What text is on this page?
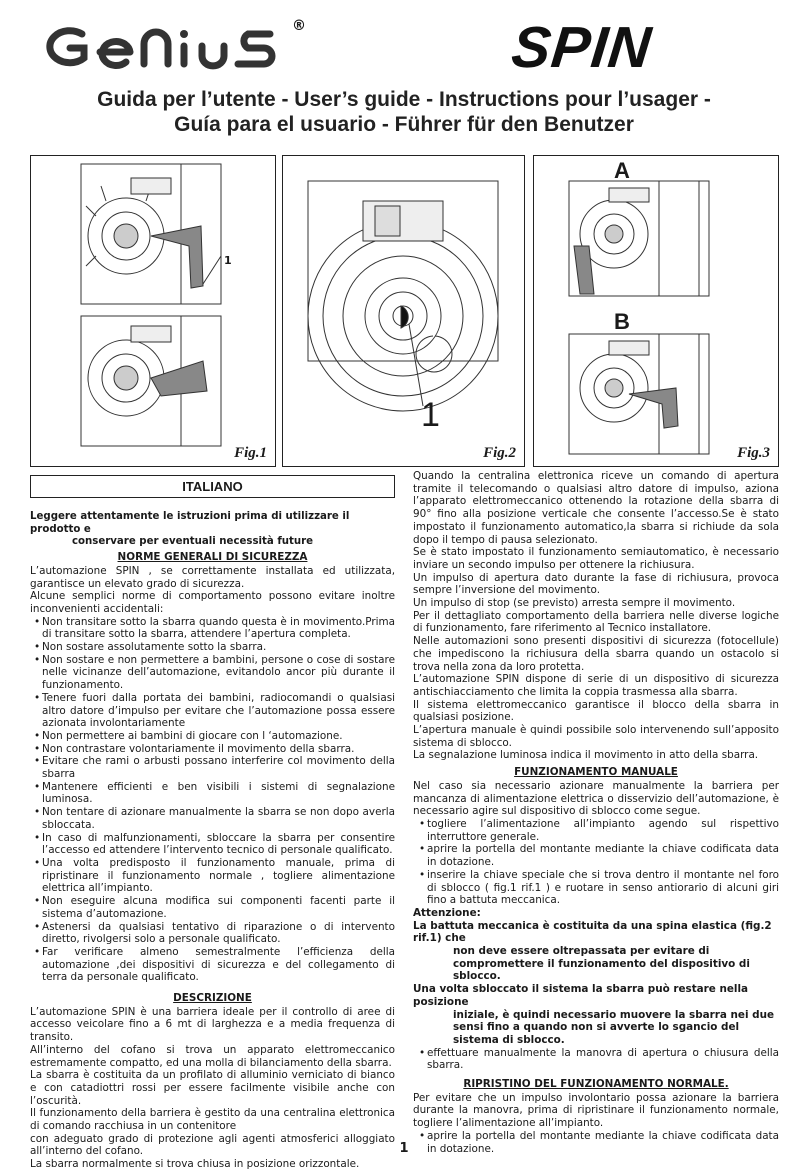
®	SPIN
Guida per l’utente - User’s guide - Instructions pour l’usager -
Guía para el usuario - Führer für den Benutzer
1
Fig.1
1
Fig.2
A
B
Fig.3
ITALIANO
Leggere attentamente le istruzioni prima di utilizzare il prodotto e
conservare per eventuali necessità future
NORME GENERALI DI SICUREZZA
L’automazione SPIN , se correttamente installata ed utilizzata, garantisce un elevato grado di sicurezza.
Alcune semplici norme di comportamento possono evitare inoltre inconvenienti accidentali:
• Non transitare sotto la sbarra quando questa è in movimento.Prima di transitare sotto la sbarra, attendere l’apertura completa.
• Non sostare assolutamente sotto la sbarra.
• Non sostare e non permettere a bambini, persone o cose di sostare nelle vicinanze dell’automazione, evitandolo ancor più durante il funzionamento.
• Tenere fuori dalla portata dei bambini, radiocomandi o qualsiasi altro datore d’impulso per evitare che l’automazione possa essere azionata involontariamente
• Non permettere ai bambini di giocare con l ‘automazione.
• Non contrastare volontariamente il movimento della sbarra.
• Evitare che rami o arbusti possano interferire col movimento della sbarra
• Mantenere efficienti e ben visibili i sistemi di segnalazione luminosa.
• Non tentare di azionare manualmente la sbarra se non dopo averla sbloccata.
• In caso di malfunzionamenti, sbloccare la sbarra per consentire l’accesso ed attendere l’intervento tecnico di personale qualificato.
• Una volta predisposto il funzionamento manuale, prima di ripristinare il funzionamento normale , togliere alimentazione elettrica all’impianto.
• Non eseguire alcuna modifica sui componenti facenti parte il sistema d’automazione.
• Astenersi da qualsiasi tentativo di riparazione o di intervento diretto, rivolgersi solo a personale qualificato.
• Far verificare almeno semestralmente l’efficienza della automazione ,dei dispositivi di sicurezza e del collegamento di terra da personale qualificato.
DESCRIZIONE
L’automazione SPIN è una barriera ideale per il controllo di aree di accesso veicolare fino a 6 mt di larghezza e a media frequenza di transito.
All’interno del cofano si trova un apparato elettromeccanico estremamente compatto, ed una molla di bilanciamento della sbarra.
La sbarra è costituita da un profilato di alluminio verniciato di bianco e con catadiottri rossi per essere facilmente visibile anche con l’oscurità.
Il funzionamento della barriera è gestito da una centralina elettronica di comando racchiusa in un contenitore
con adeguato grado di protezione agli agenti atmosferici alloggiato all’interno del cofano.
La sbarra normalmente si trova chiusa in posizione orizzontale.
Quando la centralina elettronica riceve un comando di apertura tramite il telecomando o qualsiasi altro datore di impulso, aziona l’apparato elettromeccanico ottenendo la rotazione della sbarra di 90° fino alla posizione verticale che consente l’accesso.Se è stato impostato il funzionamento automatico,la sbarra si richiude da sola dopo il tempo di pausa selezionato.
Se è stato impostato il funzionamento semiautomatico, è necessario inviare un secondo impulso per ottenere la richiusura.
Un impulso di apertura dato durante la fase di richiusura, provoca sempre l’inversione del movimento.
Un impulso di stop (se previsto) arresta sempre il movimento.
Per il dettagliato comportamento della barriera nelle diverse logiche di funzionamento, fare riferimento al Tecnico installatore.
Nelle automazioni sono presenti dispositivi di sicurezza (fotocellule) che impediscono la richiusura della sbarra quando un ostacolo si trova nella zona da loro protetta.
L’automazione SPIN dispone di serie di un dispositivo di sicurezza antischiacciamento che limita la coppia trasmessa alla sbarra.
Il sistema elettromeccanico garantisce il blocco della sbarra in qualsiasi posizione.
L’apertura manuale è quindi possibile solo intervenendo sull’apposito sistema di sblocco.
La segnalazione luminosa indica il movimento in atto della sbarra.
FUNZIONAMENTO MANUALE
Nel caso sia necessario azionare manualmente la barriera per mancanza di alimentazione elettrica o disservizio dell’automazione, è necessario agire sul dispositivo di sblocco come segue.
• togliere l’alimentazione all’impianto agendo sul rispettivo interruttore generale.
• aprire la portella del montante mediante la chiave codificata data in dotazione.
• inserire la chiave speciale che si trova dentro il montante nel foro di sblocco ( fig.1 rif.1 ) e ruotare in senso antiorario di alcuni giri fino a battuta meccanica.
Attenzione:
La battuta meccanica è costituita da una spina elastica (fig.2 rif.1) che
non deve essere oltrepassata per evitare di compromettere il funzionamento del dispositivo di sblocco.
Una volta sbloccato il sistema la sbarra può restare nella posizione
iniziale, è quindi necessario muovere la sbarra nei due sensi fino a quando non si avverte lo sgancio del sistema di sblocco.
• effettuare manualmente la manovra di apertura o chiusura della sbarra.
RIPRISTINO DEL FUNZIONAMENTO NORMALE.
Per evitare che un impulso involontario possa azionare la barriera durante la manovra, prima di ripristinare il funzionamento normale, togliere l’alimentazione all’impianto.
• aprire la portella del montante mediante la chiave codificata data in dotazione.
1
